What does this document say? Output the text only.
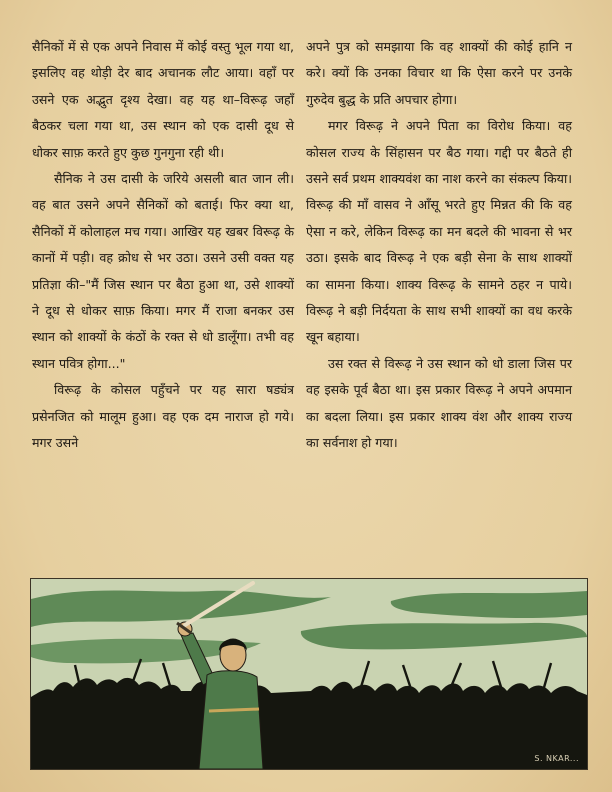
सैनिकों में से एक अपने निवास में कोई वस्तु भूल गया था, इसलिए वह थोड़ी देर बाद अचानक लौट आया। वहाँ पर उसने एक अद्भुत दृश्य देखा। वह यह था–विरूढ़ जहाँ बैठकर चला गया था, उस स्थान को एक दासी दूध से धोकर साफ़ करते हुए कुछ गुनगुना रही थी।

सैनिक ने उस दासी के जरिये असली बात जान ली। वह बात उसने अपने सैनिकों को बताई। फिर क्या था, सैनिकों में कोलाहल मच गया। आखिर यह खबर विरूढ़ के कानों में पड़ी। वह क्रोध से भर उठा। उसने उसी वक्त यह प्रतिज्ञा की–"मैं जिस स्थान पर बैठा हुआ था, उसे शाक्यों ने दूध से धोकर साफ़ किया। मगर मैं राजा बनकर उस स्थान को शाक्यों के कंठों के रक्त से धो डालूँगा। तभी वह स्थान पवित्र होगा..."

विरूढ़ के कोसल पहुँचने पर यह सारा षड्यंत्र प्रसेनजित को मालूम हुआ। वह एक दम नाराज हो गये। मगर उसने

अपने पुत्र को समझाया कि वह शाक्यों की कोई हानि न करे। क्यों कि उनका विचार था कि ऐसा करने पर उनके गुरुदेव बुद्ध के प्रति अपचार होगा।

मगर विरूढ़ ने अपने पिता का विरोध किया। वह कोसल राज्य के सिंहासन पर बैठ गया। गद्दी पर बैठते ही उसने सर्व प्रथम शाक्यवंश का नाश करने का संकल्प किया। विरूढ़ की माँ वासव ने आँसू भरते हुए मिन्नत की कि वह ऐसा न करे, लेकिन विरूढ़ का मन बदले की भावना से भर उठा। इसके बाद विरूढ़ ने एक बड़ी सेना के साथ शाक्यों का सामना किया। शाक्य विरूढ़ के सामने ठहर न पाये। विरूढ़ ने बड़ी निर्दयता के साथ सभी शाक्यों का वध करके खून बहाया।

उस रक्त से विरूढ़ ने उस स्थान को धो डाला जिस पर वह इसके पूर्व बैठा था। इस प्रकार विरूढ़ ने अपने अपमान का बदला लिया। इस प्रकार शाक्य वंश और शाक्य राज्य का सर्वनाश हो गया।

S. NKAR...
